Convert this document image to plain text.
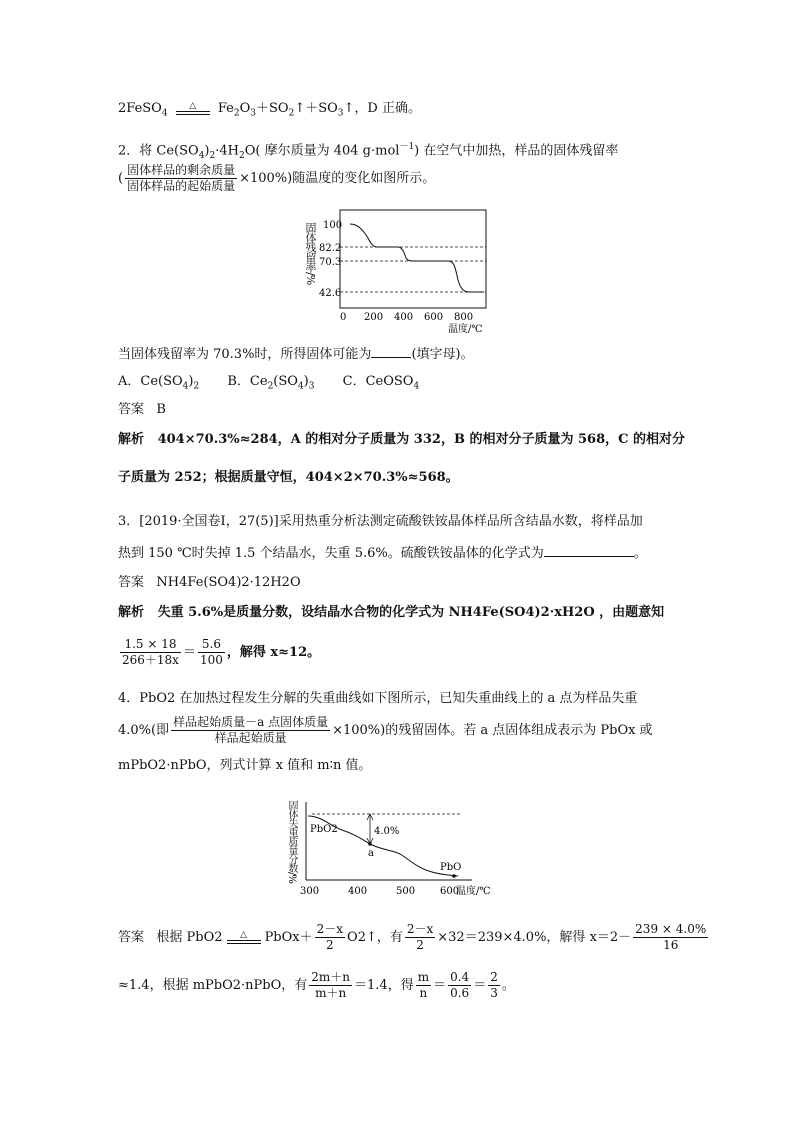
2FeSO$_4$
△	$Fe_2O_3+SO_2↑+SO_3↑$，D 正确。
2．将 $Ce(SO_4)_2\cdot 4H_2O$( 摩尔质量为 404 g·mol$^{-1}$) 在空气中加热，样品的固体残留率
( $\frac{\text{固体样品的剩余质量}}{\text{固体样品的起始质量}} \times 100\%$)随温度的变化如图所示。
固体残留率/% 100
82.2
70.3
42.6
0 200 400 600 800
温度/℃
当固体残留率为 70.3%时，所得固体可能为	(填字母)。
A．$Ce(SO_4)_2$ B．$Ce_2(SO_4)_3$ C．CeOSO$_4$
答案 B
解析 404×70.3%≈284，A 的相对分子质量为 332，B 的相对分子质量为 568，C 的相对分
子质量为 252；根据质量守恒，404×2×70.3%≈568。
3．[2019·全国卷Ⅰ，27(5)]采用热重分析法测定硫酸铁铵晶体样品所含结晶水数，将样品加
热到 150 ℃时失掉 1.5 个结晶水，失重 5.6%。硫酸铁铵晶体的化学式为	。
答案 NH4Fe(SO4)2·12H2O
解析 失重 5.6%是质量分数，设结晶水合物的化学式为 NH4Fe(SO4)2·xH2O ，由题意知
$\frac{1.5 \times 18}{266+18x} = \frac{5.6}{100}$ ，解得 x≈12。
4．PbO2 在加热过程发生分解的失重曲线如下图所示，已知失重曲线上的 a 点为样品失重
4.0%(即 $\frac{\text{样品起始质量－a 点固体质量}}{\text{样品起始质量}} \times 100\%$)的残留固体。若 a 点固体组成表示为 PbOx 或
mPbO2·nPbO，列式计算 x 值和 m∶n 值。
固体失重质量分数/% PbO2
a
4.0%
PbO
300	400	500 600
温度/℃
答案 根据 PbO2	△	PbOx＋ $\frac{2-x}{2}$ O2↑，有 $\frac{2-x}{2} \times 32=239\times 4.0\%$，解得 $x=2- \frac{239 \times 4.0\%}{16}$
≈1.4，根据 mPbO2·nPbO，有 $\frac{2m+n}{m+n} =1.4$，得 $\frac{m}{n} = \frac{0.4}{0.6} = \frac{2}{3}$ 。
